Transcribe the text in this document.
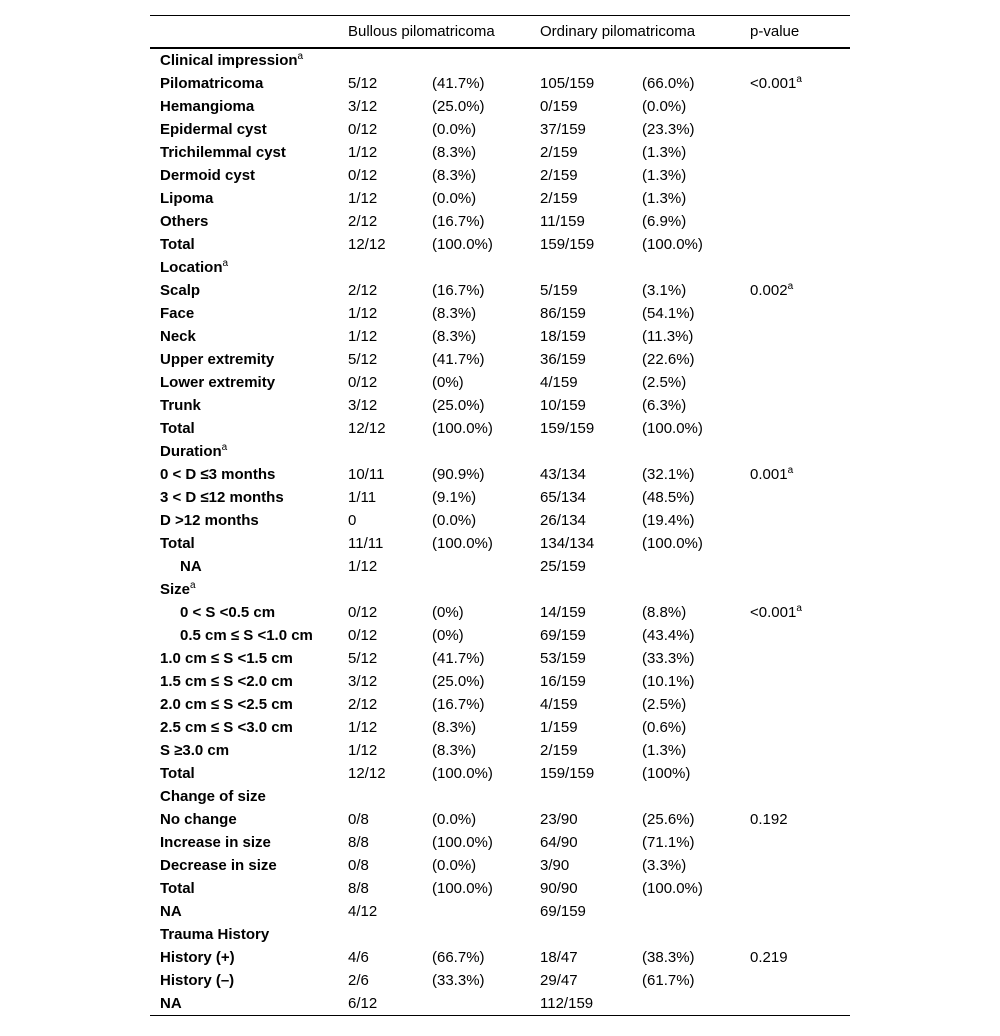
	Bullous pilomatricoma		Ordinary pilomatricoma		p-value
Clinical impression$^a$					
Pilomatricoma	5/12	(41.7%)	105/159	(66.0%)	<0.001$^a$
Hemangioma	3/12	(25.0%)	0/159	(0.0%)	
Epidermal cyst	0/12	(0.0%)	37/159	(23.3%)	
Trichilemmal cyst	1/12	(8.3%)	2/159	(1.3%)	
Dermoid cyst	0/12	(8.3%)	2/159	(1.3%)	
Lipoma	1/12	(0.0%)	2/159	(1.3%)	
Others	2/12	(16.7%)	11/159	(6.9%)	
Total	12/12	(100.0%)	159/159	(100.0%)	
Location$^a$					
Scalp	2/12	(16.7%)	5/159	(3.1%)	0.002$^a$
Face	1/12	(8.3%)	86/159	(54.1%)	
Neck	1/12	(8.3%)	18/159	(11.3%)	
Upper extremity	5/12	(41.7%)	36/159	(22.6%)	
Lower extremity	0/12	(0%)	4/159	(2.5%)	
Trunk	3/12	(25.0%)	10/159	(6.3%)	
Total	12/12	(100.0%)	159/159	(100.0%)	
Duration$^a$					
0 < D ≤3 months	10/11	(90.9%)	43/134	(32.1%)	0.001$^a$
3 < D ≤12 months	1/11	(9.1%)	65/134	(48.5%)	
D >12 months	0	(0.0%)	26/134	(19.4%)	
Total	11/11	(100.0%)	134/134	(100.0%)	
NA	1/12		25/159		
Size$^a$					
0 < S <0.5 cm	0/12	(0%)	14/159	(8.8%)	<0.001$^a$
0.5 cm ≤ S <1.0 cm	0/12	(0%)	69/159	(43.4%)	
1.0 cm ≤ S <1.5 cm	5/12	(41.7%)	53/159	(33.3%)	
1.5 cm ≤ S <2.0 cm	3/12	(25.0%)	16/159	(10.1%)	
2.0 cm ≤ S <2.5 cm	2/12	(16.7%)	4/159	(2.5%)	
2.5 cm ≤ S <3.0 cm	1/12	(8.3%)	1/159	(0.6%)	
S ≥3.0 cm	1/12	(8.3%)	2/159	(1.3%)	
Total	12/12	(100.0%)	159/159	(100%)	
Change of size					
No change	0/8	(0.0%)	23/90	(25.6%)	0.192
Increase in size	8/8	(100.0%)	64/90	(71.1%)	
Decrease in size	0/8	(0.0%)	3/90	(3.3%)	
Total	8/8	(100.0%)	90/90	(100.0%)	
NA	4/12		69/159		
Trauma History					
History (+)	4/6	(66.7%)	18/47	(38.3%)	0.219
History (–)	2/6	(33.3%)	29/47	(61.7%)	
NA	6/12		112/159		
